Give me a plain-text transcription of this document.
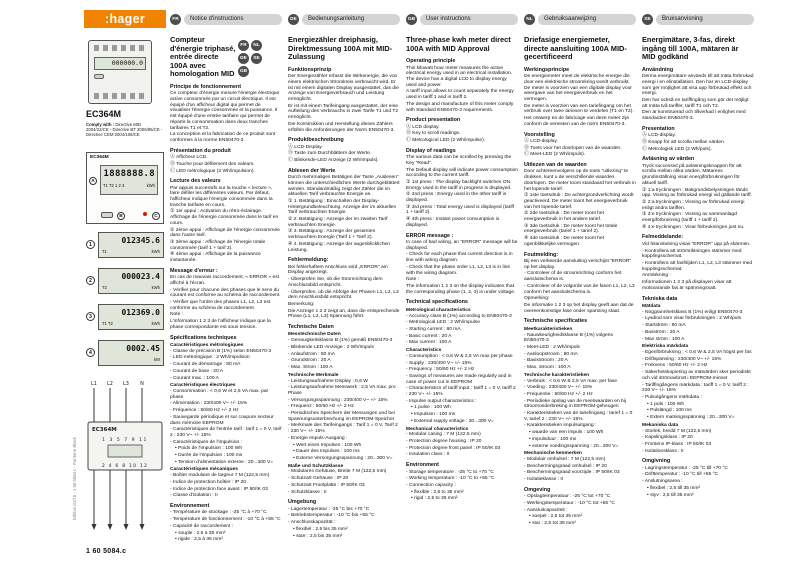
:hager	FR	Notice d'instructions	DE	Bedienungsanleitung	GB	User instructions	NL	Gebruiksaanwijzing	SE	Bruksanvisning
FR	NL
DE	SE
GB
000000.0
EC364M
Comply with : Directive MID 2004/22/CE - Directive BT 2006/95/CE - Directive CEM 2004/108/CE
EC364M
1888888.8
T1 T2 1 2 3	kWh
A
B	C
1	012345.6
T1	kWh
2	000023.4
T2	kWh
3	012369.0
T1 T2	kWh
4	0002.45
kW
L1 L2 L3 N
EC364M
1 3 5 7 9 11
2 4 6 8 10 12
Compteur d'énergie triphasé, entrée directe 100A avec homologation MID
Principe de fonctionnement

Ce compteur d'énergie mesure l'énergie électrique active consommée par un circuit électrique. Il est équipé d'un afficheur digital qui permet de visualiser l'énergie consommée et la puissance. Il est équipé d'une entrée tarifaire qui permet de répartir la consommation dans deux tranches tarifaires T1 et T2.

La conception et la fabrication de ce produit sont conformes à la norme EN50470-3.

Présentation du produit

Ⓐ Afficheur LCD.

Ⓑ Touche pour défilement des valeurs.

Ⓒ LED métrologique (2 Wh/impulsion).

Lecture des valeurs

Par appuis successifs sur la touche « lecture », faire défiler les différentes valeurs. Par défaut, l'afficheur indique l'énergie consommée dans la tranche tarifaire en cours.

① 1er appui : Activation du rétro-éclairage. Affichage de l'énergie consommée dans le tarif en cours.

② 2ème appui : Affichage de l'énergie consommée dans l'autre tarif.

③ 3ème appui : Affichage de l'énergie totale consommée (tarif 1 + tarif 2).

④ 4ème appui : Affichage de la puissance instantanée.

Message d'erreur :

En cas de mauvais raccordement, « ERROR » est affiché à l'écran.

- Vérifier pour chacune des phases que le sens du courant est conforme au schéma de raccordement.

- Vérifier que l'ordre des phases L1, L2, L3 est conforme au schéma de raccordement.

Note :

L'information 1 2 3 de l'afficheur indique que la phase correspondante est sous tension.

Spécifications techniques

Caractéristiques métrologiques

- Classe de précision B (1%) selon EN50470-3

- LED métrologique : 2 Wh/impulsion

- Courant de démarrage : 80 mA

- Courant de base : 20 A

- Courant max. : 100 A

Caractéristiques électriques

- Consommation : < 0,6 W et 2,5 VA max. par phase

- Alimentation : 230/400 V~ +/- 15%

- Fréquence : 50/60 Hz +/- 2 Hz

- Sauvegarde périodique et sur coupure secteur dans mémoire EEPROM

- Caractéristiques de l'entrée tarif : tarif 1 = 0 V, tarif 2 : 230 V~ +/- 15%

- Caractéristiques de l'impulsion :

• Poids de l'impulsion : 100 Wh

• Durée de l'impulsion : 100 ms

• Tension d'alimentation externe : 20...300 V=

Caractéristiques mécaniques

- Boîtier modulaire de largeur 7 M (122,5 mm)

- Indice de protection boîtier : IP 20

- Indice de protection face avant : IP 50/IK 03

- Classe d'isolation : II

Environnement

- Température de stockage : -25 °C à +70 °C

- Température de fonctionnement : -10 °C à +55 °C

- Capacité de raccordement :

• souple : 2,5 à 35 mm²

• rigide : 2,5 à 35 mm²

Energiezähler dreiphasig, Direktmessung 100A mit MID-Zulassung
Funktionsprinzip

Der Energiezähler erfasst die Wirkenergie, die von einem elektrischen Stromkreis verbraucht wird. Er ist mit einem digitalen Display ausgestattet, das die Anzeige von Energieverbrauch und Leistung ermöglicht.

Er ist mit einem Tarifeingang ausgestattet, der eine Aufteilung des Verbrauchs in zwei Tarife T1 und T2 ermöglicht.

Die Konstruktion und Herstellung dieses Zählers erfüllen die Anforderungen der Norm EN50470-3.

Produktbeschreibung

Ⓐ LCD-Display.

Ⓑ Taste zum Durchblättern der Werte.

Ⓒ Blinkende-LED Anzeige (2 Wh/Impuls).

Ablesen der Werte

Durch mehrmaliges Betätigen der Taste „Auslesen“ können die unterschiedlichen Werte durchgeblättert werden. Standardmäßig zeigt der Zähler die im aktuellen Tarif verbrauchte Energie an.

① 1. Betätigung : Einschalten der Display-Hintergrundbeleuchtung. Anzeige der im aktuellen Tarif verbrauchten Energie.

② 2. Betätigung : Anzeige der im zweiten Tarif verbrauchten Energie.

③ 3. Betätigung : Anzeige der gesamten verbrauchten Energie (Tarif 1 + Tarif 2).

④ 4. Betätigung : Anzeige der augenblicklichen Leistung.

Fehlermeldung:

Bei fehlerhaftem Anschluss wird „ERROR“ am Display angezeigt.

- Überprüfen Sie, ob die Stromrichtung dem Anschlussbild entspricht.

- Überprüfen, ob die Abfolge der Phasen L1, L2, L3 dem Anschlussbild entspricht.

Bemerkung:

Die Anzeige 1 2 3 zeigt an, dass die entsprechende Phase (L1, L2, L3) Spannung führt.

Technische Daten

Messtechnische Daten

- Genauigkeitsklasse B (1%) gemäß EN50470-3

- Blinkende LED-Anzeige : 2 Wh/Impuls

- Anlaufstrom : 80 mA

- Grundstrom : 20 A

- Max. Strom : 100 A

Technische Merkmale

- Leistungsaufnahme Display : 0,6 W

- Leistungsaufnahme Messwerk : 2,5 VA max. pro Phase

- Versorgungsspannung : 230/400 V~ +/- 15%

- Frequenz : 50/60 Hz +/- 2 Hz

- Periodisches Speichern der Messungen und bei Spannungsunterbrechung im EEPROM-Speicher

- Merkmale des Tarifeingangs : Tarif 1 = 0 V, Tarif 2 : 230 V~ +/- 15%

- Energie Impuls-Ausgang :

• Wert eines Impulses : 100 Wh

• Dauer des Impulses : 100 ms

• Externe Versorgungsspannung : 20...300 V=

Maße und Schutzklasse

- Modulares Gehäuse, Breite 7 M (122,5 mm)

- Schutzart Gehäuse : IP 20

- Schutzart Frontplatte : IP 50/IK 03

- Schutzklasse : II

Umgebung

- Lagertemperatur : -25 °C bis +70 °C

- Betriebstemperatur : -10 °C bis +55 °C

- Anschlusskapazität :

• flexibel : 2,5 bis 35 mm²

• starr : 2,5 bis 35 mm²

Three-phase kwh meter direct 100A with MID Approval
Operating principle

This kilowatt hour meter measures the active electrical energy used in an electrical installation. The device has a digital LCD to display energy used and power.

A tariff input allows to count separately the energy used in tariff 1 and in tariff 2.

The design and manufacture of this meter comply with Standard EN50470-3 requirements.

Product presentation

Ⓐ LCD display.

Ⓑ Key to scroll readings.

Ⓒ Metrological LED (2 Wh/impulse).

Display of readings

The various data can be scrolled by pressing the Key “Read”.

The Default display will indicate power consumption according to the current tariff.

① 1st press : The display backlight switches ON. Energy used in the tariff in progress is displayed.

② 2nd press : Energy used in the other tariff is displayed.

③ 3rd press : Total energy used is displayed (tariff 1 + tariff 2).

④ 4th press : Instant power consumption is displayed.

ERROR message :

In case of bad wiring, an “ERROR” message will be displayed.

- Check for each phase that current direction is in line with wiring diagram.

- Check that the phase order L1, L2, L3 is in line with the wiring diagram.

Note :

The information 1 2 3 on the display indicates that the corresponding phase (1, 2, 3) is under voltage.

Technical specifications

Metrological characteristics

- Accuracy class B (1%) according to EN50470-3

- Metrological LED : 2 Wh/impulse

- Starting current : 80 mA

- Basic current : 20 A

- Max current : 100 A

Characteristics

- Consumption : < 0,6 W & 2,5 VA max per phase

- Supply : 230/400 V~ +/- 15%

- Frequency : 50/60 Hz +/- 2 Hz

- Savings of measures are made regularly and in case of power cut in EEPROM

- Characteristics of tariff input : tariff 1 = 0 V, tariff 2 : 230 V~ +/- 15%

- Impulse output characteristics :

• 1 pulse : 100 Wh

• Impulsion : 100 ms

• External supply voltage : 20...300 V=

Mechanical characteristics

- Modular casing : 7 M (122,5 mm)

- Protection degree housing : IP 20

- Protection degree front panel : IP 50/IK 03

- Insulation class : II

Environment

- Storage temperature : -25 °C to +70 °C

- Working temperature : -10 °C to +55 °C

- Connection capacity :

• flexible : 2,5 to 35 mm²

• rigid : 2,5 to 35 mm²

Driefasige energiemeter, directe aansluiting 100A MID-gecertificeerd
Werkingsprincipe

De energiemeter meet de elektrische energie die door een elektrische stroomkring wordt verbruikt. De meter is voorzien van een digitale display voor weergave van het energieverbruik en het vermogen.

De meter is voorzien van een tariefingang om het verbruik over twee tarieven te verdelen (T1 en T2).

Het ontwerp en de fabricage van deze meter zijn conform de vereisten van de norm EN50470-3.

Voorstelling

Ⓐ LCD-display.

Ⓑ Toets voor het doorlopen van de waarden.

Ⓒ Meet-LED (2 Wh/impuls).

Uitlezen van de waarden

Door achtereenvolgens op de toets “uitlezing” te drukken, kunt u de verschillende waarden doorlopen. De meter toont standaard het verbruik in het lopende tarief.

① 1ste toetsdruk : De achtergrondverlichting wordt geactiveerd. De meter toont het energieverbruik van het lopende tarief.

② 2de toetsdruk : De meter toont het energieverbruik in het andere tarief.

③ 3de toetsdruk : De meter toont het totale energieverbruik (tarief 1 + tarief 2).

④ 4de toetsdruk : De meter toont het ogenblikkelijke vermogen.

Foutmelding:

Bij een verkeerde aansluiting verschijnt “ERROR” op het display.

- Controleer of de stroomrichting conform het aansluitschema is.

- Controleer of de volgorde van de fasen L1, L2, L3 conform het aansluitschema is.

Opmerking:

De informatie 1 2 3 op het display geeft aan dat de overeenkomstige fase onder spanning staat.

Technische specificaties

Meetkarakteristieken

- Nauwkeurigheidsklasse B (1%) volgens EN50470-3

- Meet-LED : 2 Wh/impuls

- Aanloopstroom : 80 mA

- Basisstroom : 20 A

- Max. stroom : 100 A

Technische karakteristieken

- Verbruik : < 0,6 W & 2,5 VA max. per fase

- Voeding : 230/400 V~ +/- 15%

- Frequentie : 50/60 Hz +/- 2 Hz

- Periodieke opslag van de meetwaarden en bij stroomonderbreking in EEPROM-geheugen

- Karakteristieken van de tariefingang : tarief 1 = 0 V, tarief 2 : 230 V~ +/- 15%

- Karakteristieken impulsuitgang :

• waarde van een impuls : 100 Wh

• impulsduur : 100 ms

• externe voedingsspanning : 20...300 V=

Mechanische kenmerken

- Modulair omhulsel : 7 M (122,5 mm)

- Beschermingsgraad omhulsel : IP 20

- Beschermingsgraad voorzijde : IP 50/IK 03

- Isolatieklasse : II

Omgeving

- Opslagtemperatuur : -25 °C tot +70 °C

- Werkingstemperatuur : -10 °C tot +55 °C

- Aansluitcapaciteit :

• soepel : 2,5 tot 35 mm²

• star : 2,5 tot 35 mm²

Energimätare, 3-fas, direkt ingång till 100A, mätaren är MID godkänd
Användning

Denna energimätare används till att mäta förbrukad energi i en elinstallation. Den har en LCD-display som ger möjlighet att visa upp förbrukad effekt och energi.

Den har också en tariffingång som gör det möjligt att mäta två tariffer, tariff T1 och T2.

Den är konstruerad och tillverkad i enlighet med standarden EN50470-3.

Presentation

Ⓐ LCD-display.

Ⓑ Knapp för att scrolla mellan värden.

Ⓒ Metrologisk LED (2 Wh/puls).

Avläsning av värden

Tryck successivt på avläsningsknappen för att scrolla mellan olika värden. Mätarens grundinställning visar energiförbrukningen för aktuell tariff.

① 1:a tryckningen : Bakgrundsbelysningen tänds upp. Visning av förbrukad energi vid gällande tariff.

② 2:a tryckningen : Visning av förbrukad energi enligt andra tariffen.

③ 3:e tryckningen : Visning av sammanlagd energiförbrukning (tariff 1 + tariff 2).

④ 4:e tryckningen : Visar förbrukningen just nu.

Felmeddelande:

Vid felanslutning visas “ERROR” upp på skärmen.

- Kontrollera att strömriktningen stämmer med kopplingsschemat.

- Kontrollera att fasföljden L1, L2, L3 stämmer med kopplingsschemat.

Anmärkning :

Informationen 1 2 3 på displayen visar att motsvarande fas är spänningssatt.

Tekniska data

Mätdata

- Noggrannhetsklass B (1%) enligt EN50470-3

- Lysdiod som visar förbrukningen : 2 Wh/puls

- Startström : 80 mA

- Basström : 20 A

- Max ström : 100 A

Elektriska märkdata

- Egenförbrukning : < 0,6 W & 2,5 VA högst per fas

- Driftspänning : 230/400 V~ +/- 15%

- Frekvens : 50/60 Hz +/- 2 Hz

- Säkerhetskopiering av mätvärden sker periodiskt och vid strömavbrott i EEPROM-minnet

- Tariffingångens märkdata : tariff 1 = 0 V, tariff 2 : 230 V~ +/- 15%

- Pulsutgångens märkdata :

• 1 puls : 100 Wh

• Pulslängd : 100 ms

• Extern matningsspänning : 20...300 V=

Mekaniska data

- Storlek, bredd 7 M (122,5 mm)

- Kapslingsklass : IP 20

- Frontens IP-klass : IP 50/IK 03

- Isolationsklass : II

Omgivning

- Lagringstemperatur : -25 °C till +70 °C

- Drifttemperatur : -10 °C till +55 °C

- Anslutningsarea :

• flexibel : 2,5 till 35 mm²

• styv : 2,5 till 35 mm²

1 60 5084.c
Edition 01/16 - 1 60 5084.c - Pantone Black
